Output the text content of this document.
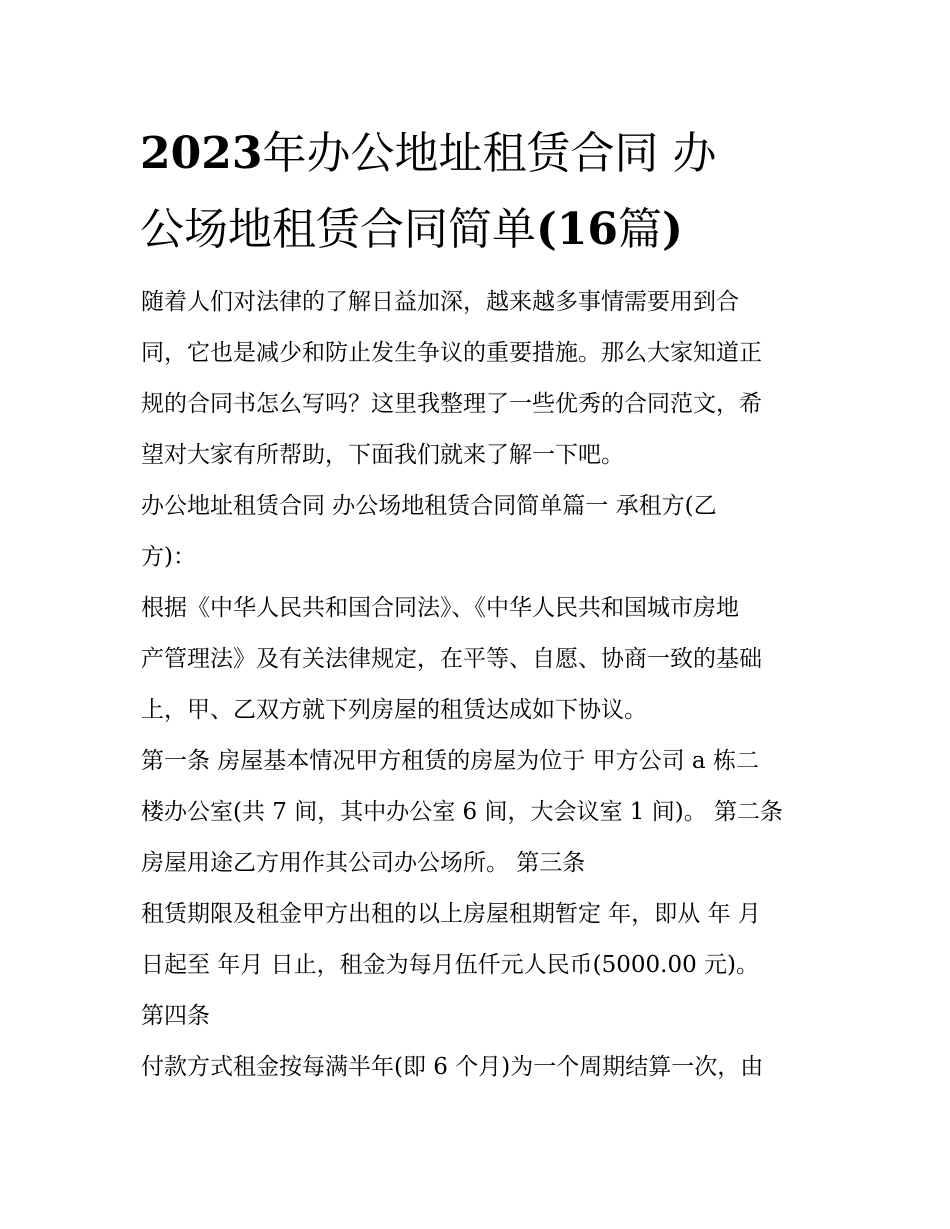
2023年办公地址租赁合同 办
公场地租赁合同简单(16篇)
随着人们对法律的了解日益加深，越来越多事情需要用到合
同，它也是减少和防止发生争议的重要措施。那么大家知道正
规的合同书怎么写吗？这里我整理了一些优秀的合同范文，希
望对大家有所帮助，下面我们就来了解一下吧。
办公地址租赁合同 办公场地租赁合同简单篇一 承租方(乙
方)：
根据《中华人民共和国合同法》、《中华人民共和国城市房地
产管理法》及有关法律规定，在平等、自愿、协商一致的基础
上，甲、乙双方就下列房屋的租赁达成如下协议。
第一条 房屋基本情况甲方租赁的房屋为位于 甲方公司 a 栋二
楼办公室(共 7 间，其中办公室 6 间，大会议室 1 间)。 第二条
房屋用途乙方用作其公司办公场所。 第三条
租赁期限及租金甲方出租的以上房屋租期暂定 年，即从 年 月
日起至 年月 日止，租金为每月伍仟元人民币(5000.00 元)。
第四条
付款方式租金按每满半年(即 6 个月)为一个周期结算一次，由
